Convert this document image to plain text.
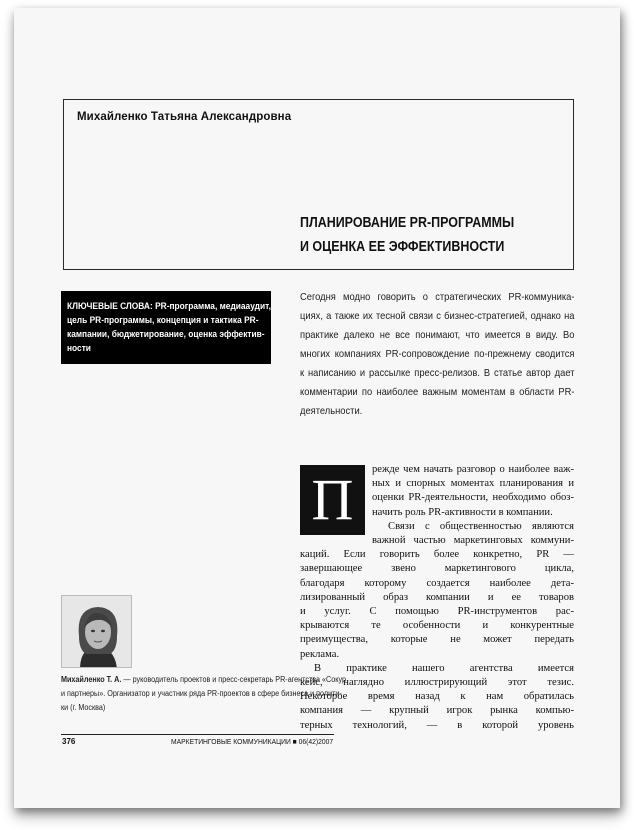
Михайленко Татьяна Александровна
ПЛАНИРОВАНИЕ PR-ПРОГРАММЫ
И ОЦЕНКА ЕЕ ЭФФЕКТИВНОСТИ
КЛЮЧЕВЫЕ СЛОВА: PR-программа, медиааудит,
цель PR-программы, концепция и тактика PR-
кампании, бюджетирование, оценка эффектив-
ности
Сегодня модно говорить о стратегических PR-коммуника-
циях, а также их тесной связи с бизнес-стратегией, однако на
практике далеко не все понимают, что имеется в виду. Во
многих компаниях PR-сопровождение по-прежнему сводится
к написанию и рассылке пресс-релизов. В статье автор дает
комментарии по наиболее важным моментам в области PR-
деятельности.
П	режде чем начать разговор о наиболее важ-
ных и спорных моментах планирования и
оценки PR-деятельности, необходимо обоз-
начить роль PR-активности в компании.
Связи с общественностью являются
важной частью маркетинговых коммуни-
каций. Если говорить более конкретно, PR —
завершающее звено маркетингового цикла,
благодаря которому создается наиболее дета-
лизированный образ компании и ее товаров
и услуг. С помощью PR-инструментов рас-
крываются те особенности и конкурентные
преимущества, которые не может передать
реклама.
В практике нашего агентства имеется
кейс, наглядно иллюстрирующий этот тезис.
Некоторое время назад к нам обратилась
компания — крупный игрок рынка компью-
терных технологий, — в которой уровень
Михайленко Т. А. — руководитель проектов и пресс-секретарь PR-агентства «Сокур
и партнеры». Организатор и участник ряда PR-проектов в сфере бизнеса и полити-
ки (г. Москва)
376	МАРКЕТИНГОВЫЕ КОММУНИКАЦИИ ■ 06(42)2007
